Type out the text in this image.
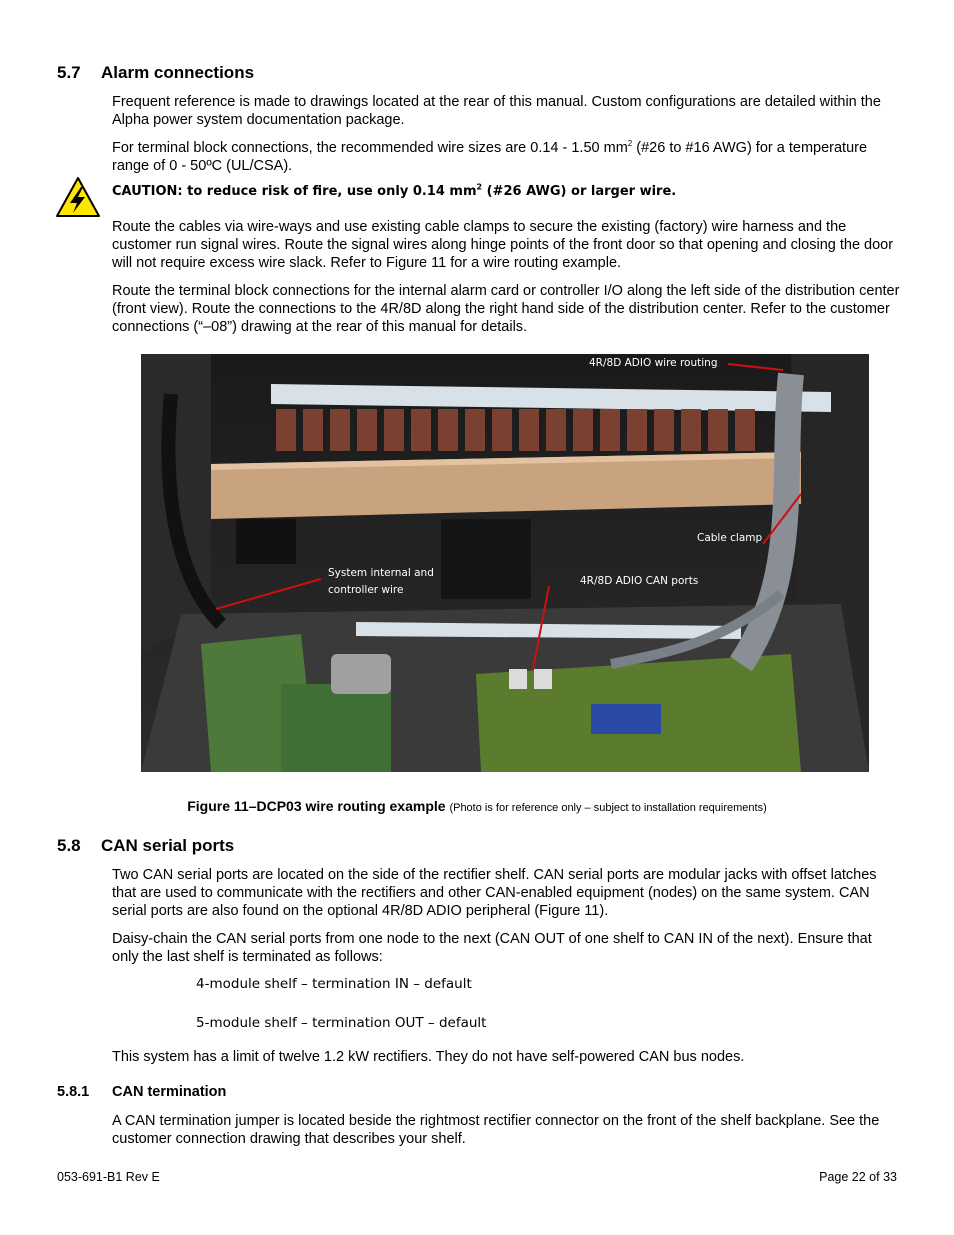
5.7 Alarm connections
Frequent reference is made to drawings located at the rear of this manual. Custom configurations are detailed within the Alpha power system documentation package.
For terminal block connections, the recommended wire sizes are 0.14 - 1.50 $mm^2$ (#26 to #16 AWG) for a temperature range of 0 - 50ºC (UL/CSA).
CAUTION: to reduce risk of fire, use only 0.14 $mm^2$ (#26 AWG) or larger wire.
Route the cables via wire-ways and use existing cable clamps to secure the existing (factory) wire harness and the customer run signal wires. Route the signal wires along hinge points of the front door so that opening and closing the door will not require excess wire slack. Refer to Figure 11 for a wire routing example.
Route the terminal block connections for the internal alarm card or controller I/O along the left side of the distribution center (front view). Route the connections to the 4R/8D along the right hand side of the distribution center. Refer to the customer connections (“–08”) drawing at the rear of this manual for details.
4R/8D ADIO wire routing
Cable clamp
System internal and
controller wire
4R/8D ADIO CAN ports
Figure 11–DCP03 wire routing example (Photo is for reference only – subject to installation requirements)
5.8 CAN serial ports
Two CAN serial ports are located on the side of the rectifier shelf. CAN serial ports are modular jacks with offset latches that are used to communicate with the rectifiers and other CAN-enabled equipment (nodes) on the same system. CAN serial ports are also found on the optional 4R/8D ADIO peripheral (Figure 11).
Daisy-chain the CAN serial ports from one node to the next (CAN OUT of one shelf to CAN IN of the next). Ensure that only the last shelf is terminated as follows:
4-module shelf – termination IN – default
5-module shelf – termination OUT – default
This system has a limit of twelve 1.2 kW rectifiers. They do not have self-powered CAN bus nodes.
5.8.1 CAN termination
A CAN termination jumper is located beside the rightmost rectifier connector on the front of the shelf backplane. See the customer connection drawing that describes your shelf.
053-691-B1 Rev E	Page 22 of 33
